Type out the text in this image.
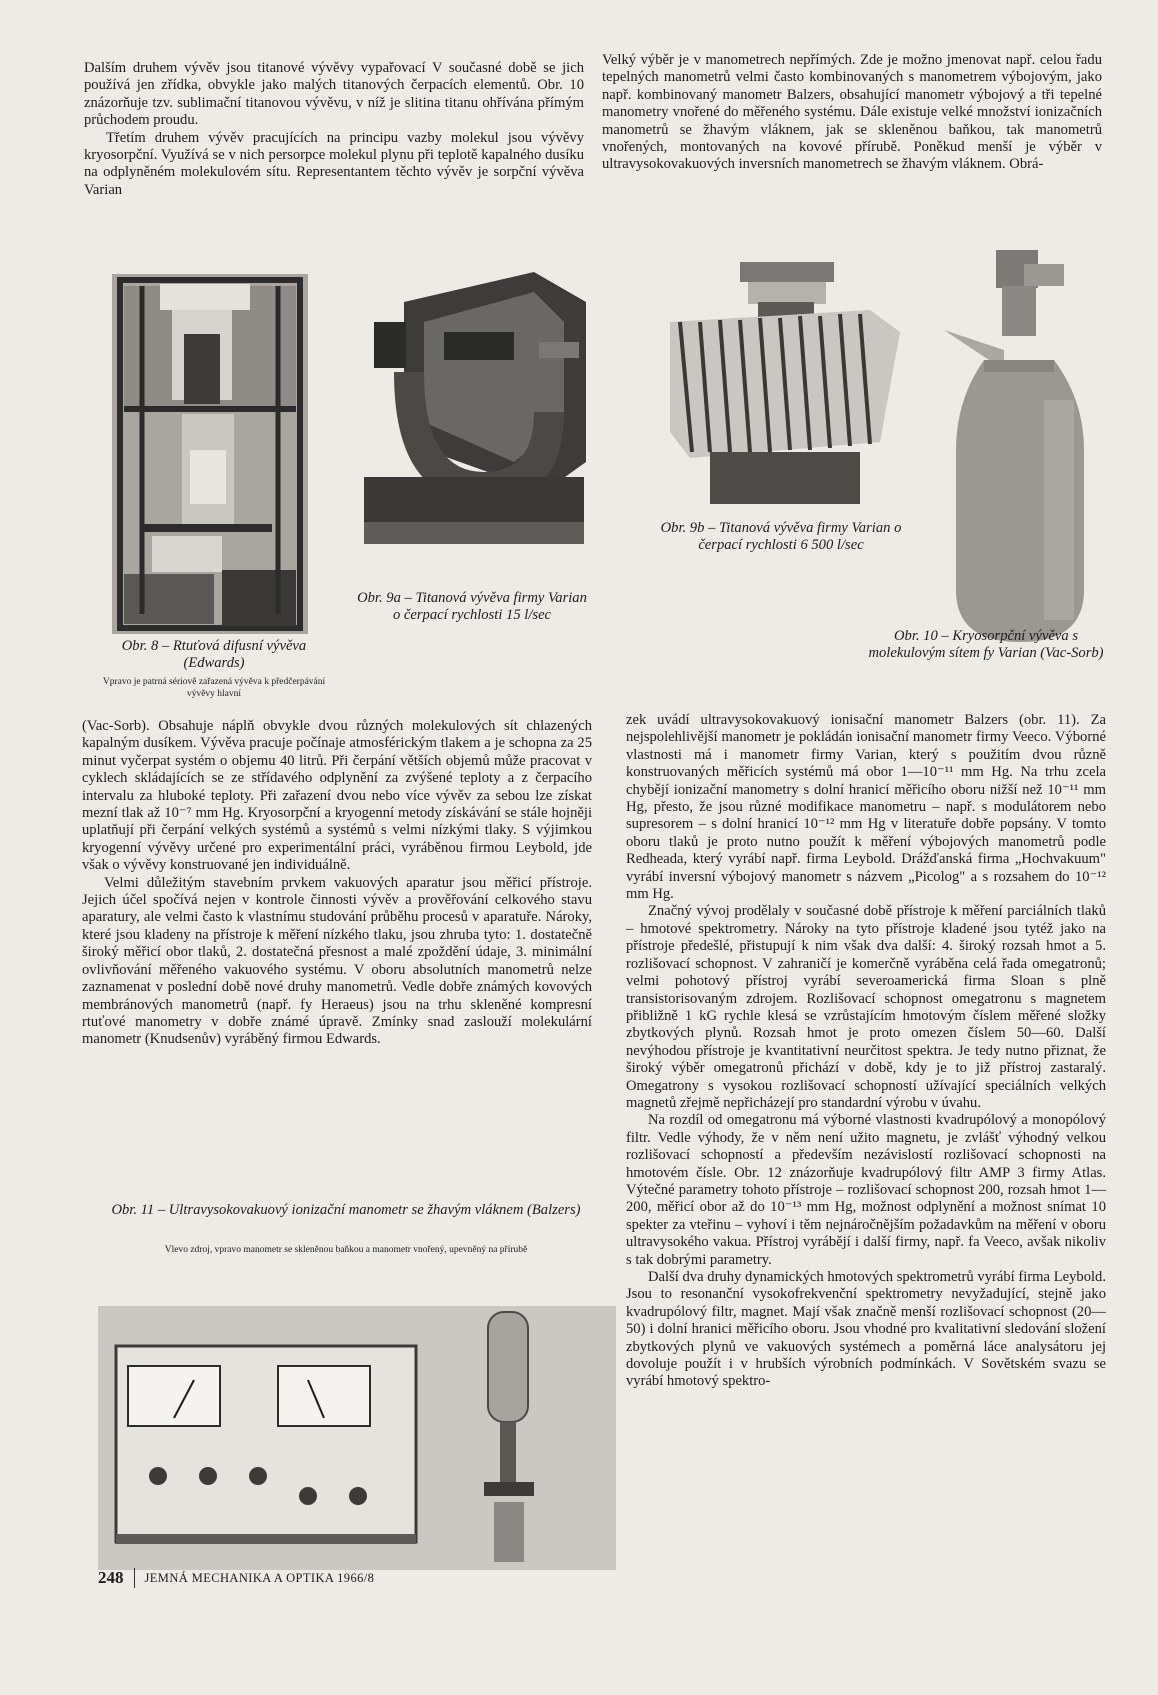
Dalším druhem vývěv jsou titanové vývěvy vypařovací V současné době se jich používá jen zřídka, obvykle jako malých titanových čerpacích elementů. Obr. 10 znázorňuje tzv. sublimační titanovou vývěvu, v níž je slitina titanu ohřívána přímým průchodem proudu.

Třetím druhem vývěv pracujících na principu vazby molekul jsou vývěvy kryosorpční. Využívá se v nich persorpce molekul plynu při teplotě kapalného dusíku na odplyněném molekulovém sítu. Representantem těchto vývěv je sorpční vývěva Varian

Velký výběr je v manometrech nepřímých. Zde je možno jmenovat např. celou řadu tepelných manometrů velmi často kombinovaných s manometrem výbojovým, jako např. kombinovaný manometr Balzers, obsahující manometr výbojový a tři tepelné manometry vnořené do měřeného systému. Dále existuje velké množství ionizačních manometrů se žhavým vláknem, jak se skleněnou baňkou, tak manometrů vnořených, montovaných na kovové přírubě. Poněkud menší je výběr v ultravysokovakuových inversních manometrech se žhavým vláknem. Obrá-

Obr. 9b – Titanová vývěva firmy Varian o čerpací rychlosti 6 500 l/sec
Obr. 9a – Titanová vývěva firmy Varian o čerpací rychlosti 15 l/sec
Obr. 8 – Rtuťová difusní vývěva (Edwards)
Vpravo je patrná sériově zařazená vývěva k předčerpávání vývěvy hlavní
Obr. 10 – Kryosorpční vývěva s molekulovým sítem fy Varian (Vac-Sorb)

(Vac-Sorb). Obsahuje náplň obvykle dvou různých molekulových sít chlazených kapalným dusíkem. Vývěva pracuje počínaje atmosférickým tlakem a je schopna za 25 minut vyčerpat systém o objemu 40 litrů. Při čerpání větších objemů může pracovat v cyklech skládajících se ze střídavého odplynění za zvýšené teploty a z čerpacího intervalu za hluboké teploty. Při zařazení dvou nebo více vývěv za sebou lze získat mezní tlak až 10⁻⁷ mm Hg. Kryosorpční a kryogenní metody získávání se stále hojněji uplatňují při čerpání velkých systémů a systémů s velmi nízkými tlaky. S výjimkou kryogenní vývěvy určené pro experimentální práci, vyráběnou firmou Leybold, jde však o vývěvy konstruované jen individuálně.

Velmi důležitým stavebním prvkem vakuových aparatur jsou měřicí přístroje. Jejich účel spočívá nejen v kontrole činnosti vývěv a prověřování celkového stavu aparatury, ale velmi často k vlastnímu studování průběhu procesů v aparatuře. Nároky, které jsou kladeny na přístroje k měření nízkého tlaku, jsou zhruba tyto: 1. dostatečně široký měřicí obor tlaků, 2. dostatečná přesnost a malé zpoždění údaje, 3. minimální ovlivňování měřeného vakuového systému. V oboru absolutních manometrů nelze zaznamenat v poslední době nové druhy manometrů. Vedle dobře známých kovových membránových manometrů (např. fy Heraeus) jsou na trhu skleněné kompresní rtuťové manometry v dobře známé úpravě. Zmínky snad zaslouží molekulární manometr (Knudsenův) vyráběný firmou Edwards.

Obr. 11 – Ultravysokovakuový ionizační manometr se žhavým vláknem (Balzers)
Vlevo zdroj, vpravo manometr se skleněnou baňkou a manometr vnořený, upevněný na přírubě

zek uvádí ultravysokovakuový ionisační manometr Balzers (obr. 11). Za nejspolehlivější manometr je pokládán ionisační manometr firmy Veeco. Výborné vlastnosti má i manometr firmy Varian, který s použitím dvou různě konstruovaných měřicích systémů má obor 1—10⁻¹¹ mm Hg. Na trhu zcela chybějí ionizační manometry s dolní hranicí měřicího oboru nižší než 10⁻¹¹ mm Hg, přesto, že jsou různé modifikace manometru – např. s modulátorem nebo supresorem – s dolní hranicí 10⁻¹² mm Hg v literatuře dobře popsány. V tomto oboru tlaků je proto nutno použít k měření výbojových manometrů podle Redheada, který vyrábí např. firma Leybold. Drážďanská firma „Hochvakuum" vyrábí inversní výbojový manometr s názvem „Picolog" a s rozsahem do 10⁻¹² mm Hg.

Značný vývoj prodělaly v současné době přístroje k měření parciálních tlaků – hmotové spektrometry. Nároky na tyto přístroje kladené jsou tytéž jako na přístroje předešlé, přistupují k nim však dva další: 4. široký rozsah hmot a 5. rozlišovací schopnost. V zahraničí je komerčně vyráběna celá řada omegatronů; velmi pohotový přístroj vyrábí severoamerická firma Sloan s plně transistorisovaným zdrojem. Rozlišovací schopnost omegatronu s magnetem přibližně 1 kG rychle klesá se vzrůstajícím hmotovým číslem měřené složky zbytkových plynů. Rozsah hmot je proto omezen číslem 50—60. Další nevýhodou přístroje je kvantitativní neurčitost spektra. Je tedy nutno přiznat, že široký výběr omegatronů přichází v době, kdy je to již přístroj zastaralý. Omegatrony s vysokou rozlišovací schopností užívající speciálních velkých magnetů zřejmě nepřicházejí pro standardní výrobu v úvahu.

Na rozdíl od omegatronu má výborné vlastnosti kvadrupólový a monopólový filtr. Vedle výhody, že v něm není užito magnetu, je zvlášť výhodný velkou rozlišovací schopností a především nezávislostí rozlišovací schopnosti na hmotovém čísle. Obr. 12 znázorňuje kvadrupólový filtr AMP 3 firmy Atlas. Výtečné parametry tohoto přístroje – rozlišovací schopnost 200, rozsah hmot 1—200, měřicí obor až do 10⁻¹³ mm Hg, možnost odplynění a možnost snímat 10 spekter za vteřinu – vyhoví i těm nejnáročnějším požadavkům na měření v oboru ultravysokého vakua. Přístroj vyrábějí i další firmy, např. fa Veeco, avšak nikoliv s tak dobrými parametry.

Další dva druhy dynamických hmotových spektrometrů vyrábí firma Leybold. Jsou to resonanční vysokofrekvenční spektrometry nevyžadující, stejně jako kvadrupólový filtr, magnet. Mají však značně menší rozlišovací schopnost (20—50) i dolní hranici měřicího oboru. Jsou vhodné pro kvalitativní sledování složení zbytkových plynů ve vakuových systémech a poměrná láce analysátoru jej dovoluje použít i v hrubších výrobních podmínkách. V Sovětském svazu se vyrábí hmotový spektro-

248 JEMNÁ MECHANIKA A OPTIKA 1966/8
